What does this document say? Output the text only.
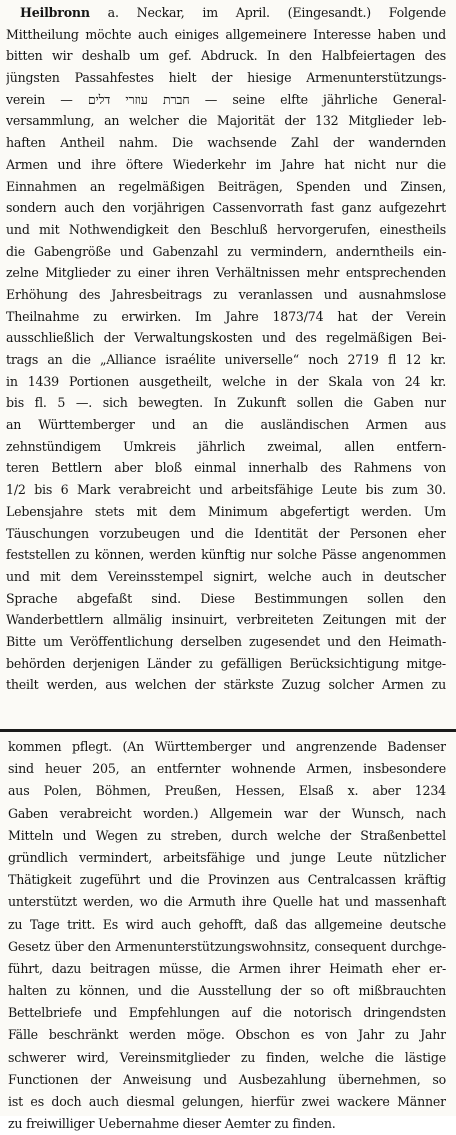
Heilbronn a. Neckar, im April. (Eingesandt.) Folgende
Mittheilung möchte auch einiges allgemeinere Interesse haben und
bitten wir deshalb um gef. Abdruck. In den Halbfeiertagen des
jüngsten Passahfestes hielt der hiesige Armenunterstützungs-
verein — חברת עוזרי דלים — seine elfte jährliche General-
versammlung, an welcher die Majorität der 132 Mitglieder leb-
haften Antheil nahm. Die wachsende Zahl der wandernden
Armen und ihre öftere Wiederkehr im Jahre hat nicht nur die
Einnahmen an regelmäßigen Beiträgen, Spenden und Zinsen,
sondern auch den vorjährigen Cassenvorrath fast ganz aufgezehrt
und mit Nothwendigkeit den Beschluß hervorgerufen, einestheils
die Gabengröße und Gabenzahl zu vermindern, anderntheils ein-
zelne Mitglieder zu einer ihren Verhältnissen mehr entsprechenden
Erhöhung des Jahresbeitrags zu veranlassen und ausnahmslose
Theilnahme zu erwirken. Im Jahre 1873/74 hat der Verein
ausschließlich der Verwaltungskosten und des regelmäßigen Bei-
trags an die „Alliance israélite universelle“ noch 2719 fl 12 kr.
in 1439 Portionen ausgetheilt, welche in der Skala von 24 kr.
bis fl. 5 —. sich bewegten. In Zukunft sollen die Gaben nur
an Württemberger und an die ausländischen Armen aus
zehnstündigem Umkreis jährlich zweimal, allen entfern-
teren Bettlern aber bloß einmal innerhalb des Rahmens von
1/2 bis 6 Mark verabreicht und arbeitsfähige Leute bis zum 30.
Lebensjahre stets mit dem Minimum abgefertigt werden. Um
Täuschungen vorzubeugen und die Identität der Personen eher
feststellen zu können, werden künftig nur solche Pässe angenommen
und mit dem Vereinsstempel signirt, welche auch in deutscher
Sprache abgefaßt sind. Diese Bestimmungen sollen den
Wanderbettlern allmälig insinuirt, verbreiteten Zeitungen mit der
Bitte um Veröffentlichung derselben zugesendet und den Heimath-
behörden derjenigen Länder zu gefälligen Berücksichtigung mitge-
theilt werden, aus welchen der stärkste Zuzug solcher Armen zu
kommen pflegt. (An Württemberger und angrenzende Badenser
sind heuer 205, an entfernter wohnende Armen, insbesondere
aus Polen, Böhmen, Preußen, Hessen, Elsaß x. aber 1234
Gaben verabreicht worden.) Allgemein war der Wunsch, nach
Mitteln und Wegen zu streben, durch welche der Straßenbettel
gründlich vermindert, arbeitsfähige und junge Leute nützlicher
Thätigkeit zugeführt und die Provinzen aus Centralcassen kräftig
unterstützt werden, wo die Armuth ihre Quelle hat und massenhaft
zu Tage tritt. Es wird auch gehofft, daß das allgemeine deutsche
Gesetz über den Armenunterstützungswohnsitz, consequent durchge-
führt, dazu beitragen müsse, die Armen ihrer Heimath eher er-
halten zu können, und die Ausstellung der so oft mißbrauchten
Bettelbriefe und Empfehlungen auf die notorisch dringendsten
Fälle beschränkt werden möge. Obschon es von Jahr zu Jahr
schwerer wird, Vereinsmitglieder zu finden, welche die lästige
Functionen der Anweisung und Ausbezahlung übernehmen, so
ist es doch auch diesmal gelungen, hierfür zwei wackere Männer
zu freiwilliger Uebernahme dieser Aemter zu finden.
